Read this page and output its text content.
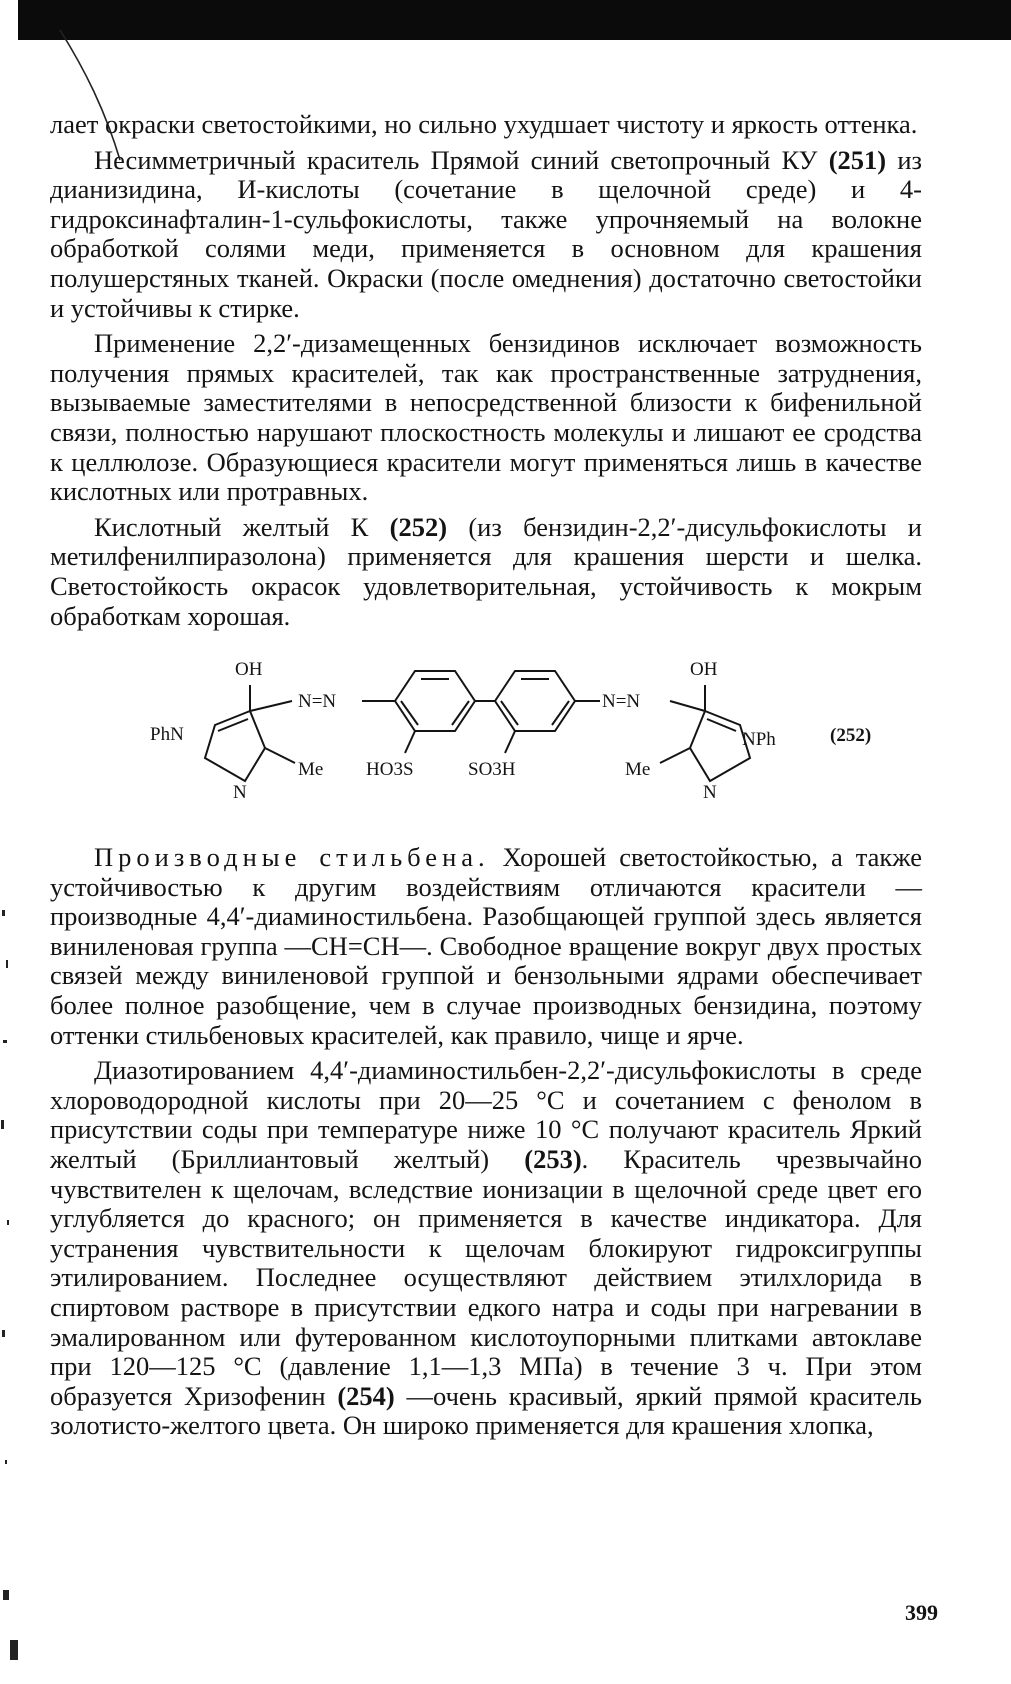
лает окраски светостойкими, но сильно ухудшает чистоту и яркость оттенка.

Несимметричный краситель Прямой синий светопрочный КУ (251) из дианизидина, И-кислоты (сочетание в щелочной среде) и 4-гидроксинафталин-1-сульфокислоты, также упрочняемый на волокне обработкой солями меди, применяется в основном для крашения полушерстяных тканей. Окраски (после омеднения) достаточно светостойки и устойчивы к стирке.

Применение 2,2′-дизамещенных бензидинов исключает возможность получения прямых красителей, так как пространственные затруднения, вызываемые заместителями в непосредственной близости к бифенильной связи, полностью нарушают плоскостность молекулы и лишают ее сродства к целлюлозе. Образующиеся красители могут применяться лишь в качестве кислотных или протравных.

Кислотный желтый К (252) (из бензидин-2,2′-дисульфокислоты и метилфенилпиразолона) применяется для крашения шерсти и шелка. Светостойкость окрасок удовлетворительная, устойчивость к мокрым обработкам хорошая.

OH	OH
PhN	NPh
N	N
Me	Me
N=N	N=N
HO3S	SO3H
(252)

Производные стильбена. Хорошей светостойкостью, а также устойчивостью к другим воздействиям отличаются красители — производные 4,4′-диаминостильбена. Разобщающей группой здесь является виниленовая группа —CH=CH—. Свободное вращение вокруг двух простых связей между виниленовой группой и бензольными ядрами обеспечивает более полное разобщение, чем в случае производных бензидина, поэтому оттенки стильбеновых красителей, как правило, чище и ярче.

Диазотированием 4,4′-диаминостильбен-2,2′-дисульфокислоты в среде хлороводородной кислоты при 20—25 °С и сочетанием с фенолом в присутствии соды при температуре ниже 10 °С получают краситель Яркий желтый (Бриллиантовый желтый) (253). Краситель чрезвычайно чувствителен к щелочам, вследствие ионизации в щелочной среде цвет его углубляется до красного; он применяется в качестве индикатора. Для устранения чувствительности к щелочам блокируют гидроксигруппы этилированием. Последнее осуществляют действием этилхлорида в спиртовом растворе в присутствии едкого натра и соды при нагревании в эмалированном или футерованном кислотоупорными плитками автоклаве при 120—125 °С (давление 1,1—1,3 МПа) в течение 3 ч. При этом образуется Хризофенин (254) —очень красивый, яркий прямой краситель золотисто-желтого цвета. Он широко применяется для крашения хлопка,

399
